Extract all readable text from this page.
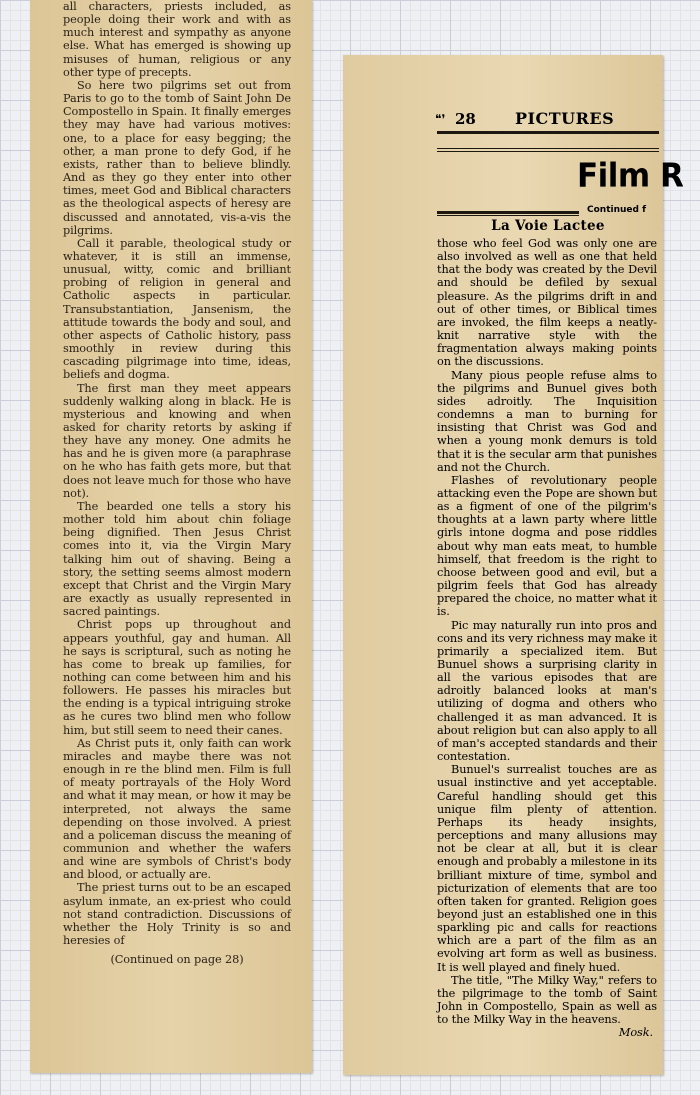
all characters, priests included, as people doing their work and with as much interest and sympathy as anyone else. What has emerged is showing up misuses of human, religious or any other type of precepts.

So here two pilgrims set out from Paris to go to the tomb of Saint John De Compostello in Spain. It finally emerges they may have had various motives: one, to a place for easy begging; the other, a man prone to defy God, if he exists, rather than to believe blindly. And as they go they enter into other times, meet God and Biblical characters as the theological aspects of heresy are discussed and annotated, vis-a-vis the pilgrims.

Call it parable, theological study or whatever, it is still an immense, unusual, witty, comic and brilliant probing of religion in general and Catholic aspects in particular. Transubstantiation, Jansenism, the attitude towards the body and soul, and other aspects of Catholic history, pass smoothly in review during this cascading pilgrimage into time, ideas, beliefs and dogma.

The first man they meet appears suddenly walking along in black. He is mysterious and knowing and when asked for charity retorts by asking if they have any money. One admits he has and he is given more (a paraphrase on he who has faith gets more, but that does not leave much for those who have not).

The bearded one tells a story his mother told him about chin foliage being dignified. Then Jesus Christ comes into it, via the Virgin Mary talking him out of shaving. Being a story, the setting seems almost modern except that Christ and the Virgin Mary are exactly as usually represented in sacred paintings.

Christ pops up throughout and appears youthful, gay and human. All he says is scriptural, such as noting he has come to break up families, for nothing can come between him and his followers. He passes his miracles but the ending is a typical intriguing stroke as he cures two blind men who follow him, but still seem to need their canes.

As Christ puts it, only faith can work miracles and maybe there was not enough in re the blind men. Film is full of meaty portrayals of the Holy Word and what it may mean, or how it may be interpreted, not always the same depending on those involved. A priest and a policeman discuss the meaning of communion and whether the wafers and wine are symbols of Christ's body and blood, or actually are.

The priest turns out to be an escaped asylum inmate, an ex-priest who could not stand contradiction. Discussions of whether the Holy Trinity is so and heresies of

(Continued on page 28)

❝❜ 28 PICTURES
Film R
Continued f
La Voie Lactee

those who feel God was only one are also involved as well as one that held that the body was created by the Devil and should be defiled by sexual pleasure. As the pilgrims drift in and out of other times, or Biblical times are invoked, the film keeps a neatly-knit narrative style with the fragmentation always making points on the discussions.

Many pious people refuse alms to the pilgrims and Bunuel gives both sides adroitly. The Inquisition condemns a man to burning for insisting that Christ was God and when a young monk demurs is told that it is the secular arm that punishes and not the Church.

Flashes of revolutionary people attacking even the Pope are shown but as a figment of one of the pilgrim's thoughts at a lawn party where little girls intone dogma and pose riddles about why man eats meat, to humble himself, that freedom is the right to choose between good and evil, but a pilgrim feels that God has already prepared the choice, no matter what it is.

Pic may naturally run into pros and cons and its very richness may make it primarily a specialized item. But Bunuel shows a surprising clarity in all the various episodes that are adroitly balanced looks at man's utilizing of dogma and others who challenged it as man advanced. It is about religion but can also apply to all of man's accepted standards and their contestation.

Bunuel's surrealist touches are as usual instinctive and yet acceptable. Careful handling should get this unique film plenty of attention. Perhaps its heady insights, perceptions and many allusions may not be clear at all, but it is clear enough and probably a milestone in its brilliant mixture of time, symbol and picturization of elements that are too often taken for granted. Religion goes beyond just an established one in this sparkling pic and calls for reactions which are a part of the film as an evolving art form as well as business. It is well played and finely hued.

The title, "The Milky Way," refers to the pilgrimage to the tomb of Saint John in Compostello, Spain as well as to the Milky Way in the heavens.
Mosk.
